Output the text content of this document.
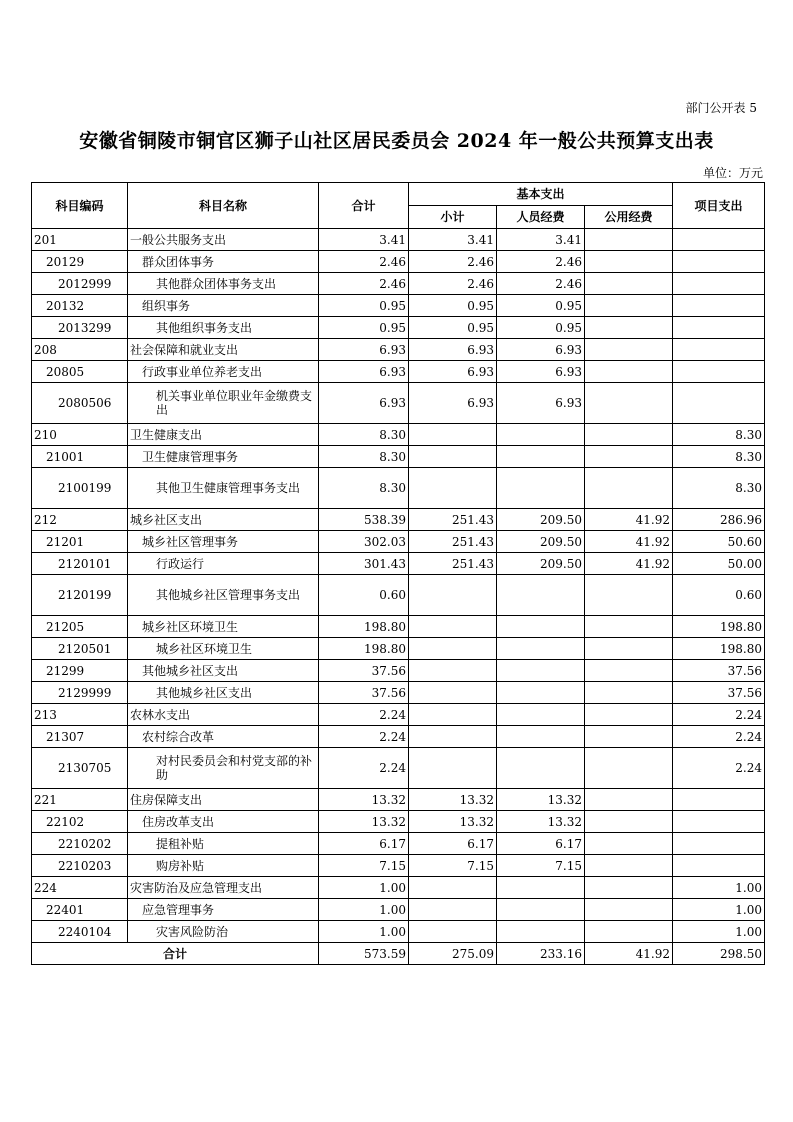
部门公开表 5
安徽省铜陵市铜官区狮子山社区居民委员会 2024 年一般公共预算支出表
单位：万元
科目编码	科目名称	合计	基本支出			项目支出
			小计	人员经费	公用经费	
201	一般公共服务支出	3.41	3.41	3.41		
20129	群众团体事务	2.46	2.46	2.46		
2012999	其他群众团体事务支出	2.46	2.46	2.46		
20132	组织事务	0.95	0.95	0.95		
2013299	其他组织事务支出	0.95	0.95	0.95		
208	社会保障和就业支出	6.93	6.93	6.93		
20805	行政事业单位养老支出	6.93	6.93	6.93		
2080506	机关事业单位职业年金缴费支出	6.93	6.93	6.93		
210	卫生健康支出	8.30				8.30
21001	卫生健康管理事务	8.30				8.30
2100199	其他卫生健康管理事务支出	8.30				8.30
212	城乡社区支出	538.39	251.43	209.50	41.92	286.96
21201	城乡社区管理事务	302.03	251.43	209.50	41.92	50.60
2120101	行政运行	301.43	251.43	209.50	41.92	50.00
2120199	其他城乡社区管理事务支出	0.60				0.60
21205	城乡社区环境卫生	198.80				198.80
2120501	城乡社区环境卫生	198.80				198.80
21299	其他城乡社区支出	37.56				37.56
2129999	其他城乡社区支出	37.56				37.56
213	农林水支出	2.24				2.24
21307	农村综合改革	2.24				2.24
2130705	对村民委员会和村党支部的补助	2.24				2.24
221	住房保障支出	13.32	13.32	13.32		
22102	住房改革支出	13.32	13.32	13.32		
2210202	提租补贴	6.17	6.17	6.17		
2210203	购房补贴	7.15	7.15	7.15		
224	灾害防治及应急管理支出	1.00				1.00
22401	应急管理事务	1.00				1.00
2240104	灾害风险防治	1.00				1.00
合计		573.59	275.09	233.16	41.92	298.50
